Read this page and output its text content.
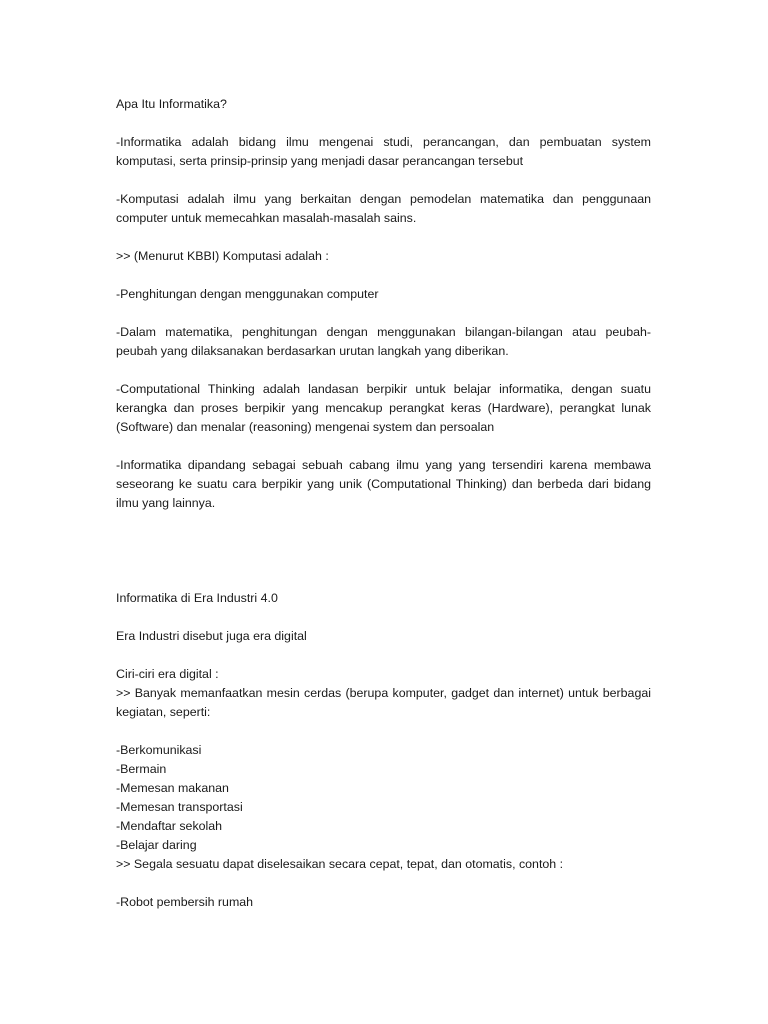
Apa Itu Informatika?

-Informatika adalah bidang ilmu mengenai studi, perancangan, dan pembuatan system komputasi, serta prinsip-prinsip yang menjadi dasar perancangan tersebut

-Komputasi adalah ilmu yang berkaitan dengan pemodelan matematika dan penggunaan computer untuk memecahkan masalah-masalah sains.

>> (Menurut KBBI) Komputasi adalah :

-Penghitungan dengan menggunakan computer

-Dalam matematika, penghitungan dengan menggunakan bilangan-bilangan atau peubah-peubah yang dilaksanakan berdasarkan urutan langkah yang diberikan.

-Computational Thinking adalah landasan berpikir untuk belajar informatika, dengan suatu kerangka dan proses berpikir yang mencakup perangkat keras (Hardware), perangkat lunak (Software) dan menalar (reasoning) mengenai system dan persoalan

-Informatika dipandang sebagai sebuah cabang ilmu yang yang tersendiri karena membawa seseorang ke suatu cara berpikir yang unik (Computational Thinking) dan berbeda dari bidang ilmu yang lainnya.

Informatika di Era Industri 4.0

Era Industri disebut juga era digital

Ciri-ciri era digital :

>> Banyak memanfaatkan mesin cerdas (berupa komputer, gadget dan internet) untuk berbagai kegiatan, seperti:

-Berkomunikasi

-Bermain

-Memesan makanan

-Memesan transportasi

-Mendaftar sekolah

-Belajar daring

>> Segala sesuatu dapat diselesaikan secara cepat, tepat, dan otomatis, contoh :

-Robot pembersih rumah
